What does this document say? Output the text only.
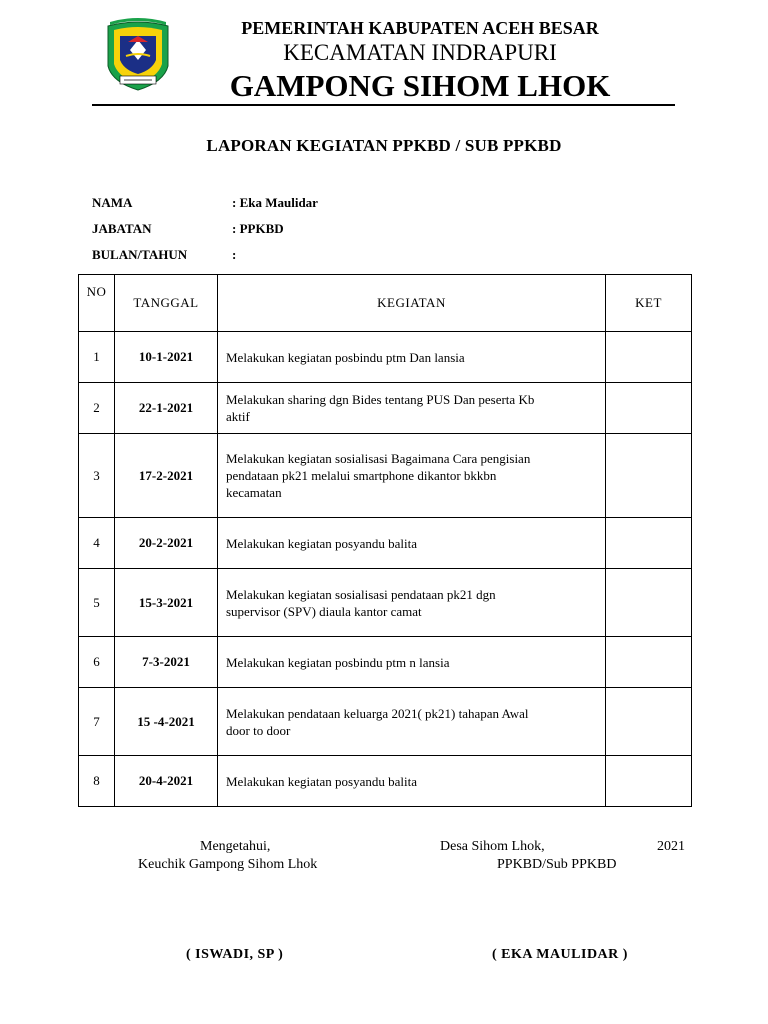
PEMERINTAH KABUPATEN ACEH BESAR
KECAMATAN INDRAPURI
GAMPONG SIHOM LHOK
LAPORAN KEGIATAN PPKBD / SUB PPKBD
NAMA	: Eka Maulidar
JABATAN	: PPKBD
BULAN/TAHUN	:
NO	TANGGAL	KEGIATAN	KET
1	10-1-2021	Melakukan kegiatan posbindu ptm Dan lansia	

2	22-1-2021	Melakukan sharing dgn Bides tentang PUS Dan peserta Kb
aktif	

3	17-2-2021	Melakukan kegiatan sosialisasi Bagaimana Cara pengisian
pendataan pk21 melalui smartphone dikantor bkkbn
kecamatan	

4	20-2-2021	Melakukan kegiatan posyandu balita	

5	15-3-2021	Melakukan kegiatan sosialisasi pendataan pk21 dgn
supervisor (SPV) diaula kantor camat	

6	7-3-2021	Melakukan kegiatan posbindu ptm n lansia	

7	15 -4-2021	Melakukan pendataan keluarga 2021( pk21) tahapan Awal
door to door	

8	20-4-2021	Melakukan kegiatan posyandu balita	

Mengetahui,
Keuchik Gampong Sihom Lhok
Desa Sihom Lhok,	2021
PPKBD/Sub PPKBD
( ISWADI, SP )	( EKA MAULIDAR )
